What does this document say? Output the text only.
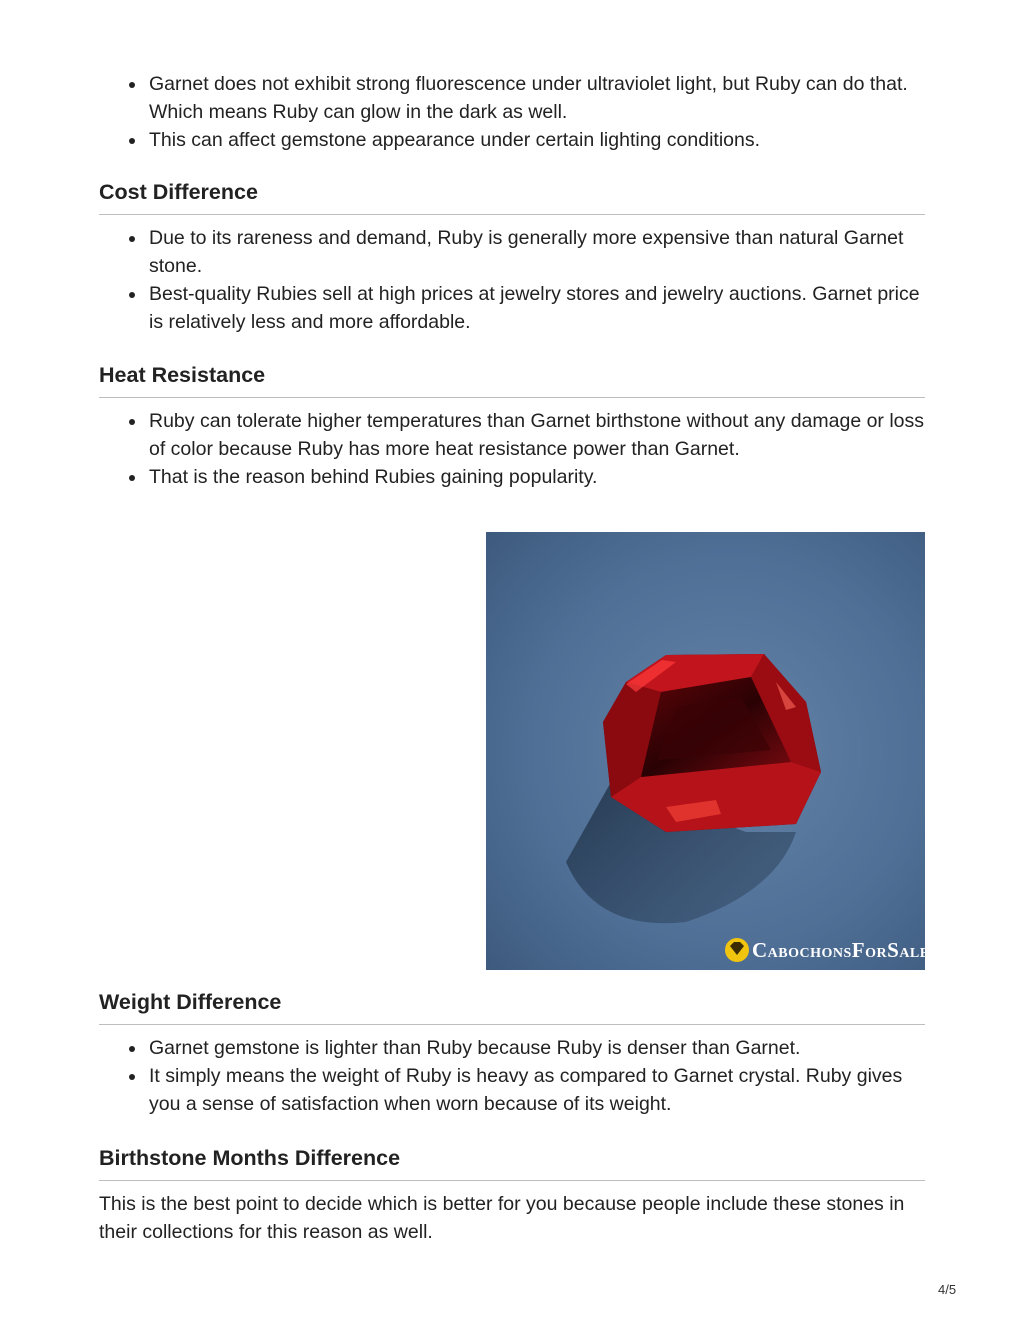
Garnet does not exhibit strong fluorescence under ultraviolet light, but Ruby can do that. Which means Ruby can glow in the dark as well.
This can affect gemstone appearance under certain lighting conditions.
Cost Difference
Due to its rareness and demand, Ruby is generally more expensive than natural Garnet stone.
Best-quality Rubies sell at high prices at jewelry stores and jewelry auctions. Garnet price is relatively less and more affordable.
Heat Resistance
Ruby can tolerate higher temperatures than Garnet birthstone without any damage or loss of color because Ruby has more heat resistance power than Garnet.
That is the reason behind Rubies gaining popularity.
CABOCHONSFORSALE
Weight Difference
Garnet gemstone is lighter than Ruby because Ruby is denser than Garnet.
It simply means the weight of Ruby is heavy as compared to Garnet crystal. Ruby gives you a sense of satisfaction when worn because of its weight.
Birthstone Months Difference

This is the best point to decide which is better for you because people include these stones in their collections for this reason as well.

4/5
